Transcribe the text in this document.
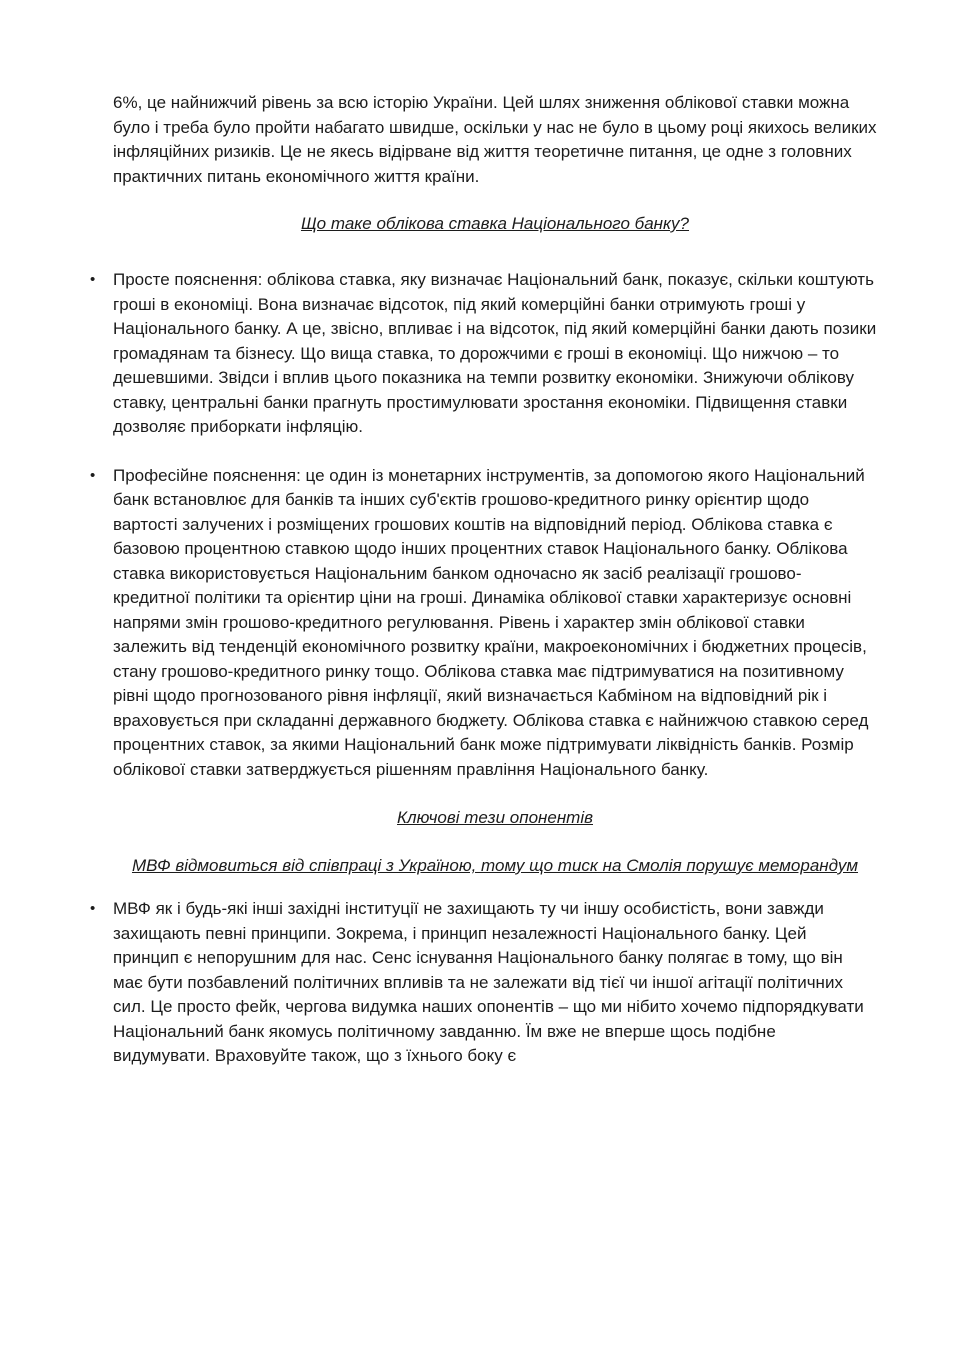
6%, це найнижчий рівень за всю історію України. Цей шлях зниження облікової ставки можна було і треба було пройти набагато швидше, оскільки у нас не було в цьому році якихось великих інфляційних ризиків. Це не якесь відірване від життя теоретичне питання, це одне з головних практичних питань економічного життя країни.

Що таке облікова ставка Національного банку?
• Просте пояснення: облікова ставка, яку визначає Національний банк, показує, скільки коштують гроші в економіці. Вона визначає відсоток, під який комерційні банки отримують гроші у Національного банку. А це, звісно, впливає і на відсоток, під який комерційні банки дають позики громадянам та бізнесу. Що вища ставка, то дорожчими є гроші в економіці. Що нижчою – то дешевшими. Звідси і вплив цього показника на темпи розвитку економіки. Знижуючи облікову ставку, центральні банки прагнуть простимулювати зростання економіки. Підвищення ставки дозволяє приборкати інфляцію.
• Професійне пояснення: це один із монетарних інструментів, за допомогою якого Національний банк встановлює для банків та інших суб'єктів грошово-кредитного ринку орієнтир щодо вартості залучених і розміщених грошових коштів на відповідний період. Облікова ставка є базовою процентною ставкою щодо інших процентних ставок Національного банку. Облікова ставка використовується Національним банком одночасно як засіб реалізації грошово-кредитної політики та орієнтир ціни на гроші. Динаміка облікової ставки характеризує основні напрями змін грошово-кредитного регулювання. Рівень і характер змін облікової ставки залежить від тенденцій економічного розвитку країни, макроекономічних і бюджетних процесів, стану грошово-кредитного ринку тощо. Облікова ставка має підтримуватися на позитивному рівні щодо прогнозованого рівня інфляції, який визначається Кабміном на відповідний рік і враховується при складанні державного бюджету. Облікова ставка є найнижчою ставкою серед процентних ставок, за якими Національний банк може підтримувати ліквідність банків. Розмір облікової ставки затверджується рішенням правління Національного банку.
Ключові тези опонентів
МВФ відмовиться від співпраці з Україною, тому що тиск на Смолія порушує меморандум
• МВФ як і будь-які інші західні інституції не захищають ту чи іншу особистість, вони завжди захищають певні принципи. Зокрема, і принцип незалежності Національного банку. Цей принцип є непорушним для нас. Сенс існування Національного банку полягає в тому, що він має бути позбавлений політичних впливів та не залежати від тієї чи іншої агітації політичних сил. Це просто фейк, чергова видумка наших опонентів – що ми нібито хочемо підпорядкувати Національний банк якомусь політичному завданню. Їм вже не вперше щось подібне видумувати. Враховуйте також, що з їхнього боку є
